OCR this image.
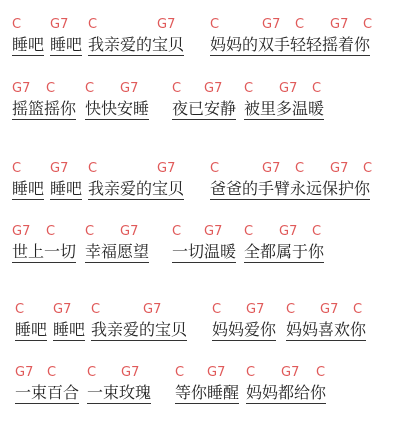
C G7 C	G7	C	G7 C G7 C
睡吧 睡吧 我亲爱的宝贝 妈妈的双手轻轻摇着你
G7 C C G7	C G7 C G7 C
摇篮摇你 快快安睡 夜已安静 被里多温暖
C G7 C	G7	C	G7 C G7 C
睡吧 睡吧 我亲爱的宝贝 爸爸的手臂永远保护你
G7 C C G7	C G7 C G7 C
世上一切 幸福愿望 一切温暖 全都属于你
C G7 C	G7	C G7 C G7 C
睡吧 睡吧 我亲爱的宝贝 妈妈爱你 妈妈喜欢你
G7 C C G7	C G7 C G7 C
一束百合 一束玫瑰 等你睡醒 妈妈都给你
